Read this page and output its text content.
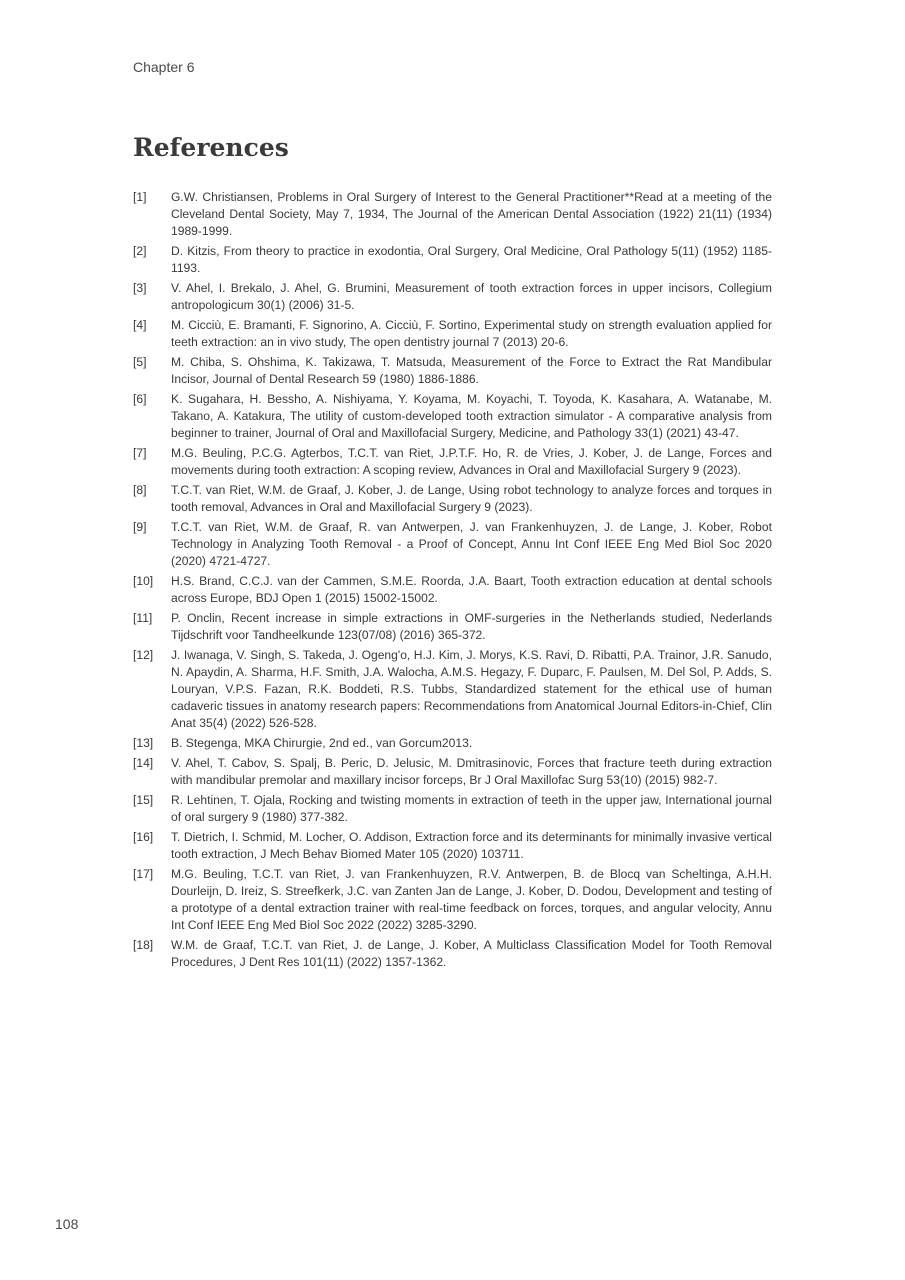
Chapter 6
References
[1]	G.W. Christiansen, Problems in Oral Surgery of Interest to the General Practitioner**Read at a meeting of the Cleveland Dental Society, May 7, 1934, The Journal of the American Dental Association (1922) 21(11) (1934) 1989-1999.
[2]	D. Kitzis, From theory to practice in exodontia, Oral Surgery, Oral Medicine, Oral Pathology 5(11) (1952) 1185-1193.
[3]	V. Ahel, I. Brekalo, J. Ahel, G. Brumini, Measurement of tooth extraction forces in upper incisors, Collegium antropologicum 30(1) (2006) 31-5.
[4]	M. Cicciù, E. Bramanti, F. Signorino, A. Cicciù, F. Sortino, Experimental study on strength evaluation applied for teeth extraction: an in vivo study, The open dentistry journal 7 (2013) 20-6.
[5]	M. Chiba, S. Ohshima, K. Takizawa, T. Matsuda, Measurement of the Force to Extract the Rat Mandibular Incisor, Journal of Dental Research 59 (1980) 1886-1886.
[6]	K. Sugahara, H. Bessho, A. Nishiyama, Y. Koyama, M. Koyachi, T. Toyoda, K. Kasahara, A. Watanabe, M. Takano, A. Katakura, The utility of custom-developed tooth extraction simulator - A comparative analysis from beginner to trainer, Journal of Oral and Maxillofacial Surgery, Medicine, and Pathology 33(1) (2021) 43-47.
[7]	M.G. Beuling, P.C.G. Agterbos, T.C.T. van Riet, J.P.T.F. Ho, R. de Vries, J. Kober, J. de Lange, Forces and movements during tooth extraction: A scoping review, Advances in Oral and Maxillofacial Surgery 9 (2023).
[8]	T.C.T. van Riet, W.M. de Graaf, J. Kober, J. de Lange, Using robot technology to analyze forces and torques in tooth removal, Advances in Oral and Maxillofacial Surgery 9 (2023).
[9]	T.C.T. van Riet, W.M. de Graaf, R. van Antwerpen, J. van Frankenhuyzen, J. de Lange, J. Kober, Robot Technology in Analyzing Tooth Removal - a Proof of Concept, Annu Int Conf IEEE Eng Med Biol Soc 2020 (2020) 4721-4727.
[10]	H.S. Brand, C.C.J. van der Cammen, S.M.E. Roorda, J.A. Baart, Tooth extraction education at dental schools across Europe, BDJ Open 1 (2015) 15002-15002.
[11]	P. Onclin, Recent increase in simple extractions in OMF-surgeries in the Netherlands studied, Nederlands Tijdschrift voor Tandheelkunde 123(07/08) (2016) 365-372.
[12]	J. Iwanaga, V. Singh, S. Takeda, J. Ogeng'o, H.J. Kim, J. Morys, K.S. Ravi, D. Ribatti, P.A. Trainor, J.R. Sanudo, N. Apaydin, A. Sharma, H.F. Smith, J.A. Walocha, A.M.S. Hegazy, F. Duparc, F. Paulsen, M. Del Sol, P. Adds, S. Louryan, V.P.S. Fazan, R.K. Boddeti, R.S. Tubbs, Standardized statement for the ethical use of human cadaveric tissues in anatomy research papers: Recommendations from Anatomical Journal Editors-in-Chief, Clin Anat 35(4) (2022) 526-528.
[13]	B. Stegenga, MKA Chirurgie, 2nd ed., van Gorcum2013.
[14]	V. Ahel, T. Cabov, S. Spalj, B. Peric, D. Jelusic, M. Dmitrasinovic, Forces that fracture teeth during extraction with mandibular premolar and maxillary incisor forceps, Br J Oral Maxillofac Surg 53(10) (2015) 982-7.
[15]	R. Lehtinen, T. Ojala, Rocking and twisting moments in extraction of teeth in the upper jaw, International journal of oral surgery 9 (1980) 377-382.
[16]	T. Dietrich, I. Schmid, M. Locher, O. Addison, Extraction force and its determinants for minimally invasive vertical tooth extraction, J Mech Behav Biomed Mater 105 (2020) 103711.
[17]	M.G. Beuling, T.C.T. van Riet, J. van Frankenhuyzen, R.V. Antwerpen, B. de Blocq van Scheltinga, A.H.H. Dourleijn, D. Ireiz, S. Streefkerk, J.C. van Zanten Jan de Lange, J. Kober, D. Dodou, Development and testing of a prototype of a dental extraction trainer with real-time feedback on forces, torques, and angular velocity, Annu Int Conf IEEE Eng Med Biol Soc 2022 (2022) 3285-3290.
[18]	W.M. de Graaf, T.C.T. van Riet, J. de Lange, J. Kober, A Multiclass Classification Model for Tooth Removal Procedures, J Dent Res 101(11) (2022) 1357-1362.
108
